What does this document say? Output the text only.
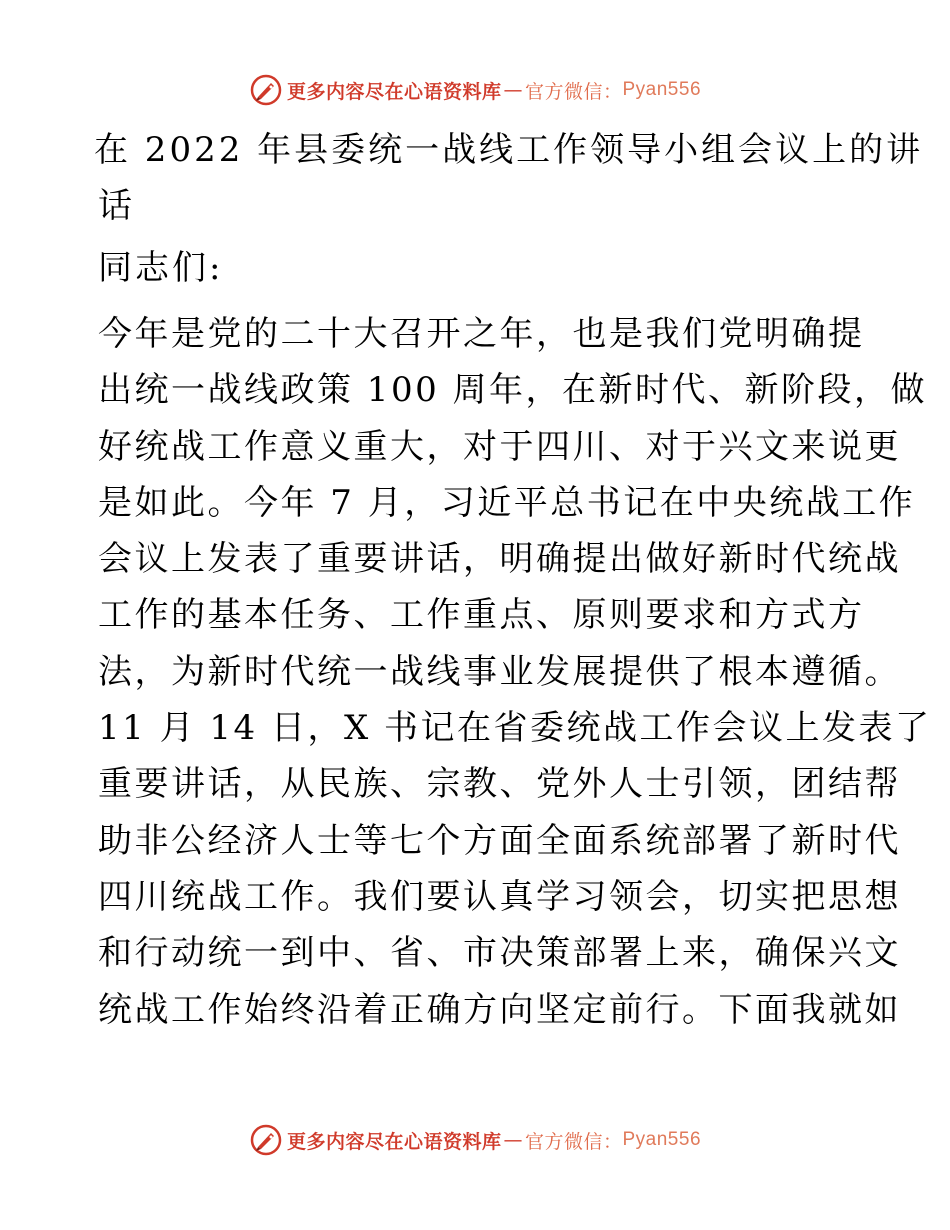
更多内容尽在心语资料库 — 官方微信： Pyan556
在 2022 年县委统一战线工作领导小组会议上的讲
话

同志们:

今年是党的二十大召开之年，也是我们党明确提
出统一战线政策 100 周年，在新时代、新阶段，做
好统战工作意义重大，对于四川、对于兴文来说更
是如此。今年 7 月，习近平总书记在中央统战工作
会议上发表了重要讲话，明确提出做好新时代统战
工作的基本任务、工作重点、原则要求和方式方
法，为新时代统一战线事业发展提供了根本遵循。
11 月 14 日，X 书记在省委统战工作会议上发表了
重要讲话，从民族、宗教、党外人士引领，团结帮
助非公经济人士等七个方面全面系统部署了新时代
四川统战工作。我们要认真学习领会，切实把思想
和行动统一到中、省、市决策部署上来，确保兴文
统战工作始终沿着正确方向坚定前行。下面我就如

更多内容尽在心语资料库 — 官方微信： Pyan556
